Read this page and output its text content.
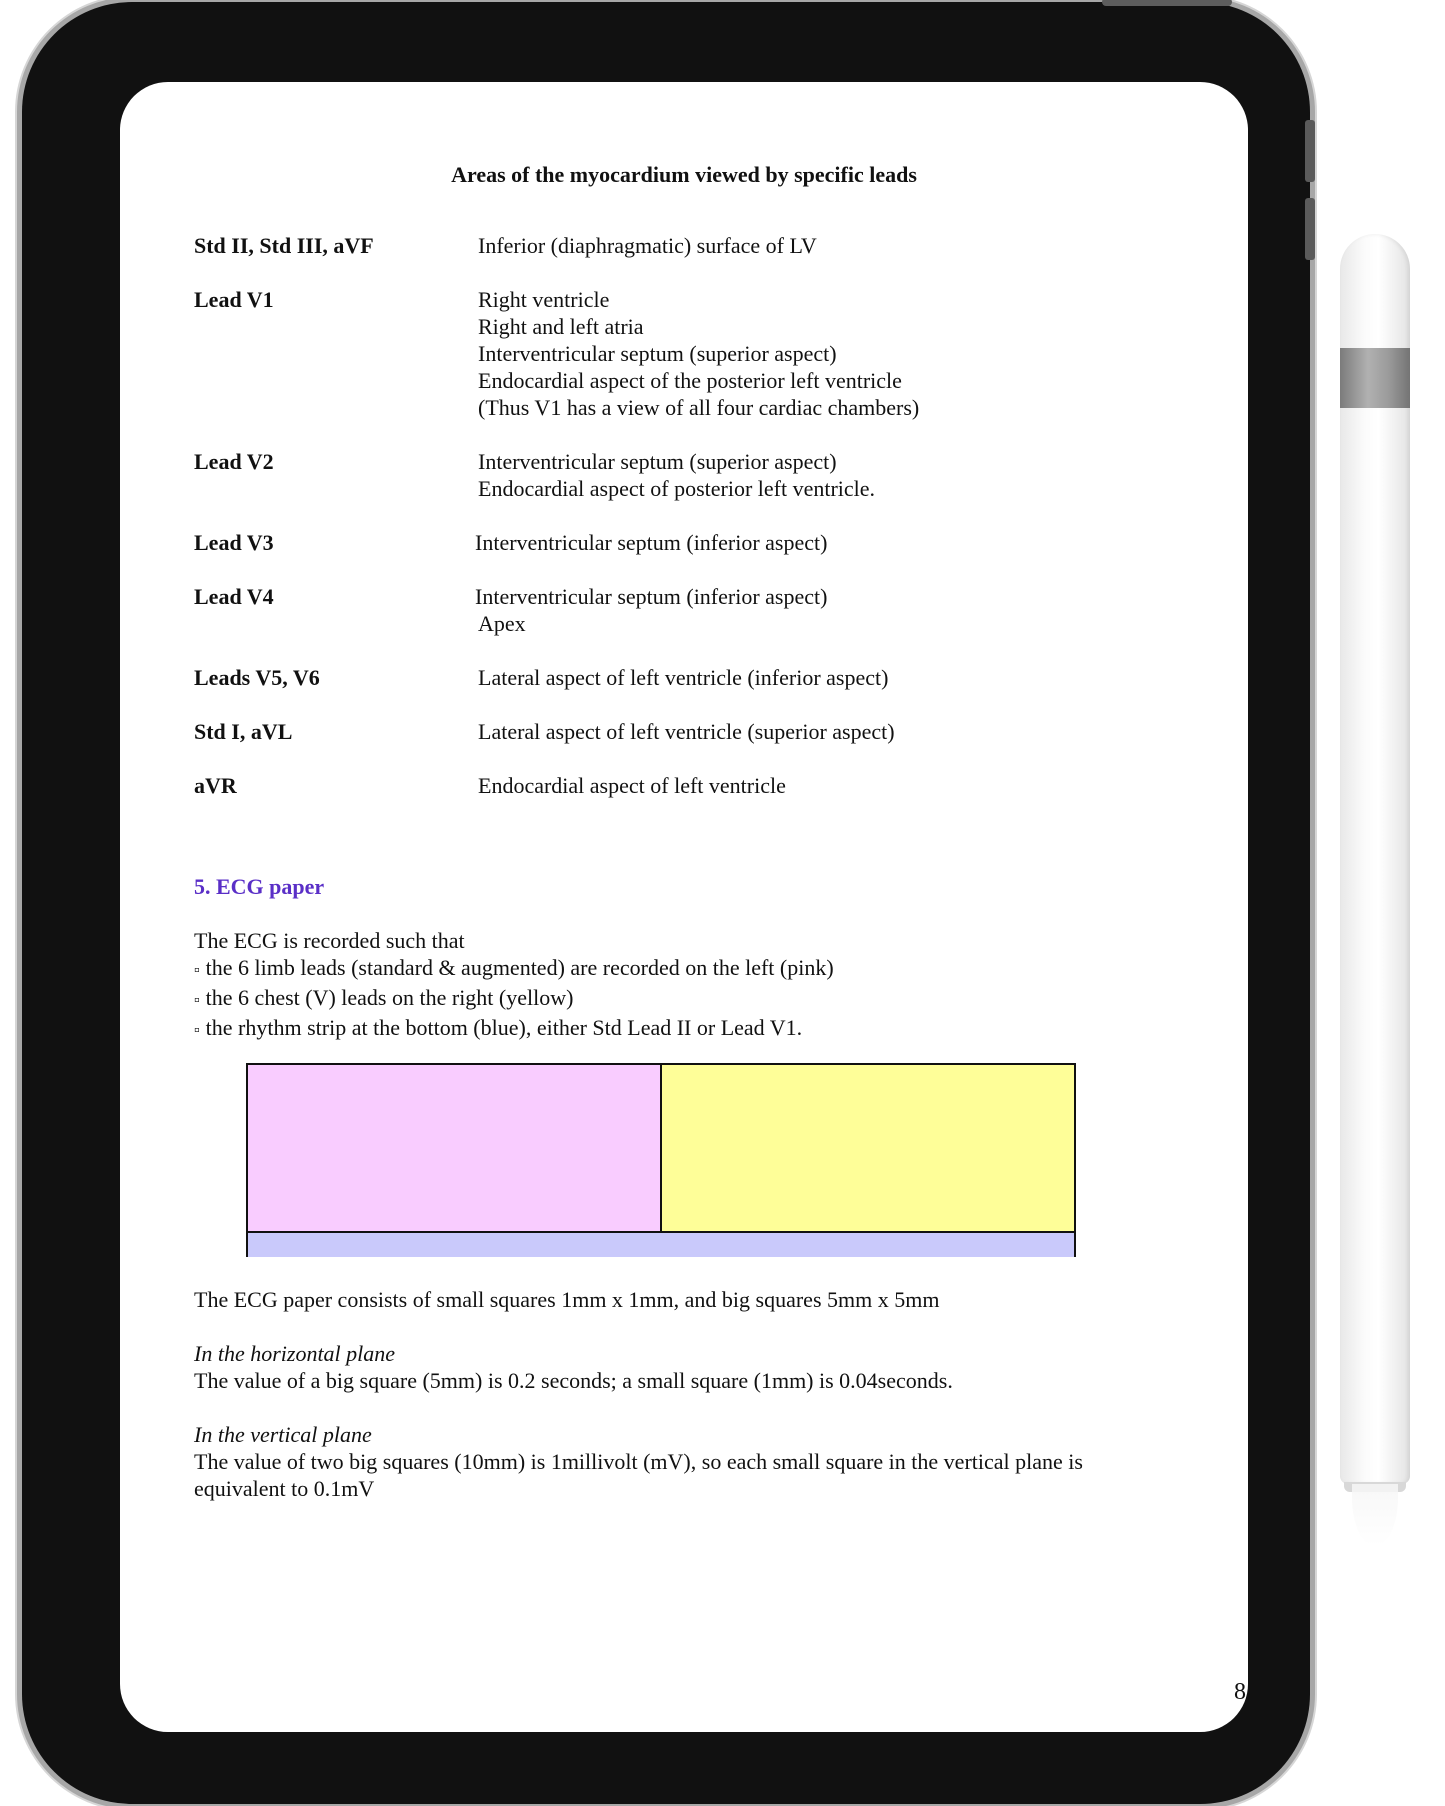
Areas of the myocardium viewed by specific leads
Std II, Std III, aVF	Inferior (diaphragmatic) surface of LV
Lead V1	Right ventricle
Right and left atria
Interventricular septum (superior aspect)
Endocardial aspect of the posterior left ventricle
(Thus V1 has a view of all four cardiac chambers)
Lead V2	Interventricular septum (superior aspect)
Endocardial aspect of posterior left ventricle.
Lead V3	Interventricular septum (inferior aspect)
Lead V4	Interventricular septum (inferior aspect)
Apex
Leads V5, V6	Lateral aspect of left ventricle (inferior aspect)
Std I, aVL	Lateral aspect of left ventricle (superior aspect)
aVR	Endocardial aspect of left ventricle
5. ECG paper
The ECG is recorded such that
▫ the 6 limb leads (standard & augmented) are recorded on the left (pink)
▫ the 6 chest (V) leads on the right (yellow)
▫ the rhythm strip at the bottom (blue), either Std Lead II or Lead V1.
The ECG paper consists of small squares 1mm x 1mm, and big squares 5mm x 5mm
In the horizontal plane
The value of a big square (5mm) is 0.2 seconds; a small square (1mm) is 0.04seconds.
In the vertical plane
The value of two big squares (10mm) is 1millivolt (mV), so each small square in the vertical plane is
equivalent to 0.1mV
8
